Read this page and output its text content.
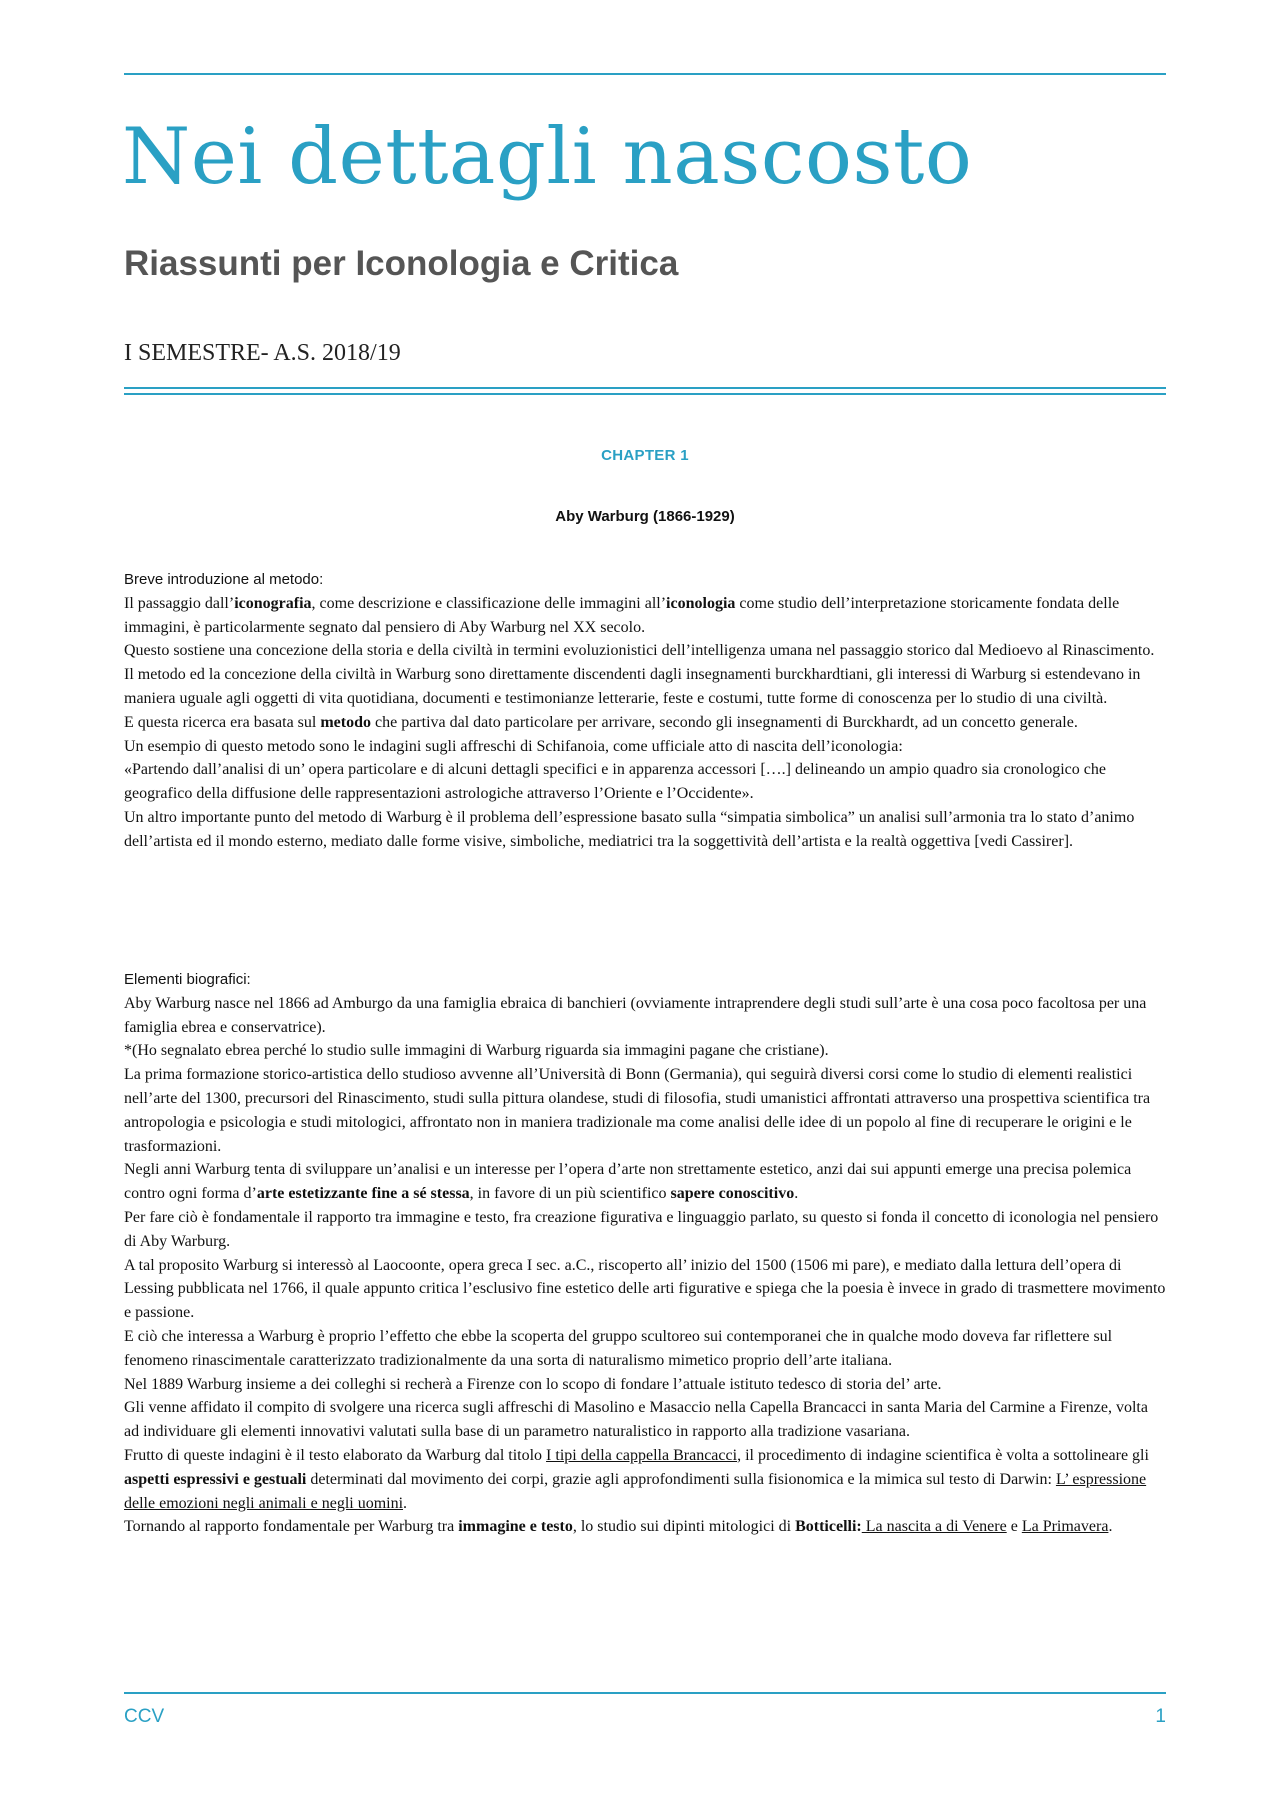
Nei dettagli nascosto
Riassunti per Iconologia e Critica

I SEMESTRE- A.S. 2018/19

CHAPTER 1

Aby Warburg (1866-1929)

Breve introduzione al metodo:

Il passaggio dall’iconografia, come descrizione e classificazione delle immagini all’iconologia come studio dell’interpretazione storicamente fondata delle immagini, è particolarmente segnato dal pensiero di Aby Warburg nel XX secolo.

Questo sostiene una concezione della storia e della civiltà in termini evoluzionistici dell’intelligenza umana nel passaggio storico dal Medioevo al Rinascimento.

Il metodo ed la concezione della civiltà in Warburg sono direttamente discendenti dagli insegnamenti burckhardtiani, gli interessi di Warburg si estendevano in maniera uguale agli oggetti di vita quotidiana, documenti e testimonianze letterarie, feste e costumi, tutte forme di conoscenza per lo studio di una civiltà.

E questa ricerca era basata sul metodo che partiva dal dato particolare per arrivare, secondo gli insegnamenti di Burckhardt, ad un concetto generale.

Un esempio di questo metodo sono le indagini sugli affreschi di Schifanoia, come ufficiale atto di nascita dell’iconologia:

«Partendo dall’analisi di un’ opera particolare e di alcuni dettagli specifici e in apparenza accessori [….] delineando un ampio quadro sia cronologico che geografico della diffusione delle rappresentazioni astrologiche attraverso l’Oriente e l’Occidente».

Un altro importante punto del metodo di Warburg è il problema dell’espressione basato sulla “simpatia simbolica” un analisi sull’armonia tra lo stato d’animo dell’artista ed il mondo esterno, mediato dalle forme visive, simboliche, mediatrici tra la soggettività dell’artista e la realtà oggettiva [vedi Cassirer].

Elementi biografici:

Aby Warburg nasce nel 1866 ad Amburgo da una famiglia ebraica di banchieri (ovviamente intraprendere degli studi sull’arte è una cosa poco facoltosa per una famiglia ebrea e conservatrice).

*(Ho segnalato ebrea perché lo studio sulle immagini di Warburg riguarda sia immagini pagane che cristiane).

La prima formazione storico-artistica dello studioso avvenne all’Università di Bonn (Germania), qui seguirà diversi corsi come lo studio di elementi realistici nell’arte del 1300, precursori del Rinascimento, studi sulla pittura olandese, studi di filosofia, studi umanistici affrontati attraverso una prospettiva scientifica tra antropologia e psicologia e studi mitologici, affrontato non in maniera tradizionale ma come analisi delle idee di un popolo al fine di recuperare le origini e le trasformazioni.

Negli anni Warburg tenta di sviluppare un’analisi e un interesse per l’opera d’arte non strettamente estetico, anzi dai sui appunti emerge una precisa polemica contro ogni forma d’arte estetizzante fine a sé stessa, in favore di un più scientifico sapere conoscitivo.

Per fare ciò è fondamentale il rapporto tra immagine e testo, fra creazione figurativa e linguaggio parlato, su questo si fonda il concetto di iconologia nel pensiero di Aby Warburg.

A tal proposito Warburg si interessò al Laocoonte, opera greca I sec. a.C., riscoperto all’ inizio del 1500 (1506 mi pare), e mediato dalla lettura dell’opera di Lessing pubblicata nel 1766, il quale appunto critica l’esclusivo fine estetico delle arti figurative e spiega che la poesia è invece in grado di trasmettere movimento e passione.

E ciò che interessa a Warburg è proprio l’effetto che ebbe la scoperta del gruppo scultoreo sui contemporanei che in qualche modo doveva far riflettere sul fenomeno rinascimentale caratterizzato tradizionalmente da una sorta di naturalismo mimetico proprio dell’arte italiana.

Nel 1889 Warburg insieme a dei colleghi si recherà a Firenze con lo scopo di fondare l’attuale istituto tedesco di storia del’ arte.

Gli venne affidato il compito di svolgere una ricerca sugli affreschi di Masolino e Masaccio nella Capella Brancacci in santa Maria del Carmine a Firenze, volta ad individuare gli elementi innovativi valutati sulla base di un parametro naturalistico in rapporto alla tradizione vasariana.

Frutto di queste indagini è il testo elaborato da Warburg dal titolo I tipi della cappella Brancacci, il procedimento di indagine scientifica è volta a sottolineare gli aspetti espressivi e gestuali determinati dal movimento dei corpi, grazie agli approfondimenti sulla fisionomica e la mimica sul testo di Darwin: L’ espressione delle emozioni negli animali e negli uomini.

Tornando al rapporto fondamentale per Warburg tra immagine e testo, lo studio sui dipinti mitologici di Botticelli: La nascita a di Venere e La Primavera.

CCV	1
